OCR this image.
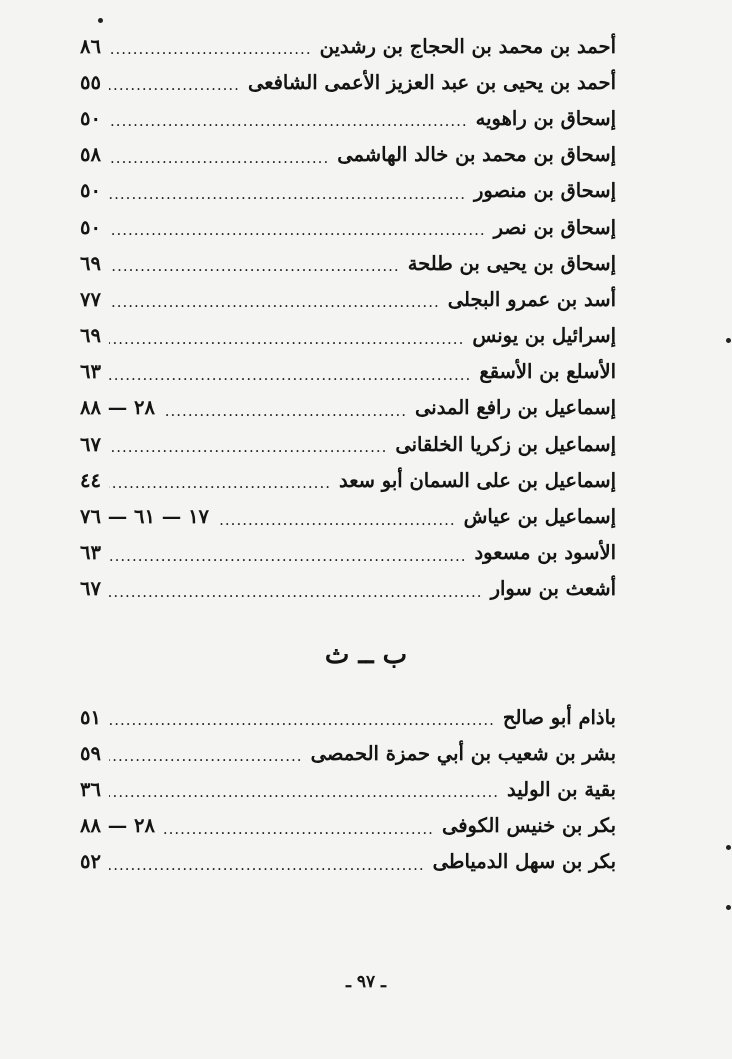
أحمد بن محمد بن الحجاج بن رشدين
.....
٨٦
أحمد بن يحيى بن عبد العزيز الأعمى الشافعى
.....
٥٥
إسحاق بن راهويه
.....
٥٠
إسحاق بن محمد بن خالد الهاشمى
.....
٥٨
إسحاق بن منصور
.....
٥٠
إسحاق بن نصر
.....
٥٠
إسحاق بن يحيى بن طلحة
.....
٦٩
أسد بن عمرو البجلى
.....
٧٧
إسرائيل بن يونس
.....
٦٩
الأسلع بن الأسقع
.....
٦٣
إسماعيل بن رافع المدنى
.....
٢٨ — ٨٨
إسماعيل بن زكريا الخلقانى
.....
٦٧
إسماعيل بن على السمان أبو سعد
.....
٤٤
إسماعيل بن عياش
.....
١٧ — ٦١ — ٧٦
الأسود بن مسعود
.....
٦٣
أشعث بن سوار
.....
٦٧
ب ــ ث
باذام أبو صالح
.....
٥١
بشر بن شعيب بن أبي حمزة الحمصى
.....
٥٩
بقية بن الوليد
.....
٣٦
بكر بن خنيس الكوفى
.....
٢٨ — ٨٨
بكر بن سهل الدمياطى
.....
٥٢
ـ ٩٧ ـ
